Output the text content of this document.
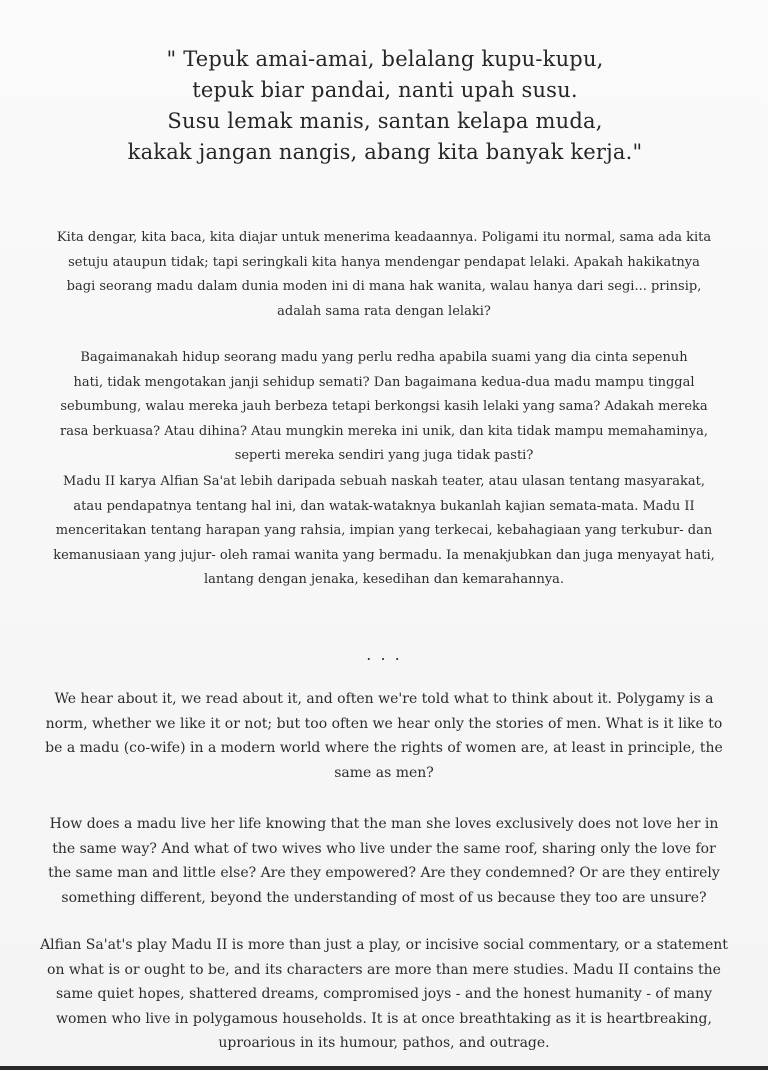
" Tepuk amai-amai, belalang kupu-kupu,
tepuk biar pandai, nanti upah susu.
Susu lemak manis, santan kelapa muda,
kakak jangan nangis, abang kita banyak kerja."

Kita dengar, kita baca, kita diajar untuk menerima keadaannya. Poligami itu normal, sama ada kita
setuju ataupun tidak; tapi seringkali kita hanya mendengar pendapat lelaki. Apakah hakikatnya
bagi seorang madu dalam dunia moden ini di mana hak wanita, walau hanya dari segi... prinsip,
adalah sama rata dengan lelaki?

Bagaimanakah hidup seorang madu yang perlu redha apabila suami yang dia cinta sepenuh
hati, tidak mengotakan janji sehidup semati? Dan bagaimana kedua-dua madu mampu tinggal
sebumbung, walau mereka jauh berbeza tetapi berkongsi kasih lelaki yang sama? Adakah mereka
rasa berkuasa? Atau dihina? Atau mungkin mereka ini unik, dan kita tidak mampu memahaminya,
seperti mereka sendiri yang juga tidak pasti?

Madu II karya Alfian Sa'at lebih daripada sebuah naskah teater, atau ulasan tentang masyarakat,
atau pendapatnya tentang hal ini, dan watak-wataknya bukanlah kajian semata-mata. Madu II
menceritakan tentang harapan yang rahsia, impian yang terkecai, kebahagiaan yang terkubur- dan
kemanusiaan yang jujur- oleh ramai wanita yang bermadu. Ia menakjubkan dan juga menyayat hati,
lantang dengan jenaka, kesedihan dan kemarahannya.

. . .

We hear about it, we read about it, and often we're told what to think about it. Polygamy is a
norm, whether we like it or not; but too often we hear only the stories of men. What is it like to
be a madu (co-wife) in a modern world where the rights of women are, at least in principle, the
same as men?

How does a madu live her life knowing that the man she loves exclusively does not love her in
the same way? And what of two wives who live under the same roof, sharing only the love for
the same man and little else? Are they empowered? Are they condemned? Or are they entirely
something different, beyond the understanding of most of us because they too are unsure?

Alfian Sa'at's play Madu II is more than just a play, or incisive social commentary, or a statement
on what is or ought to be, and its characters are more than mere studies. Madu II contains the
same quiet hopes, shattered dreams, compromised joys - and the honest humanity - of many
women who live in polygamous households. It is at once breathtaking as it is heartbreaking,
uproarious in its humour, pathos, and outrage.
